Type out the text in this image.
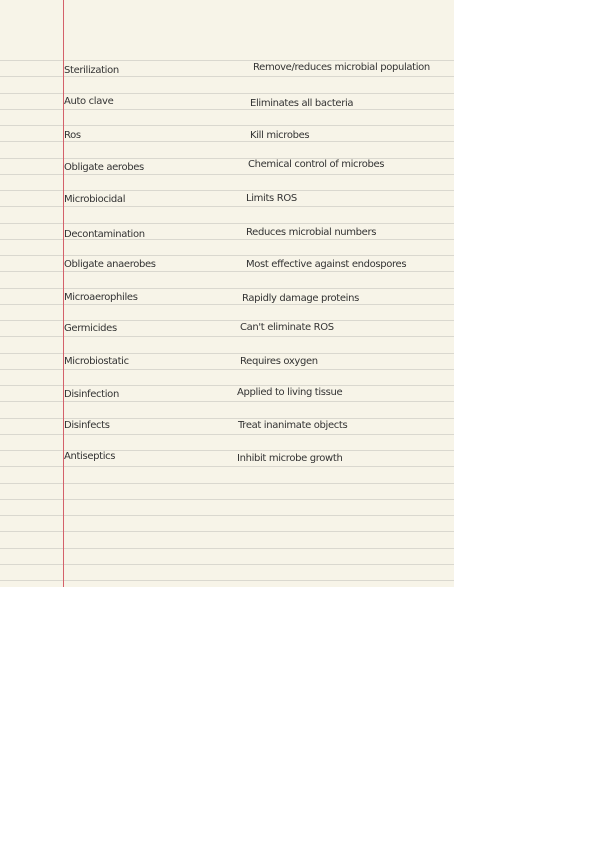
Sterilization
Auto clave
Ros
Obligate aerobes
Microbiocidal
Decontamination
Obligate anaerobes
Microaerophiles
Germicides
Microbiostatic
Disinfection
Disinfects
Antiseptics
Remove/reduces microbial population
Eliminates all bacteria
Kill microbes
Chemical control of microbes
Limits ROS
Reduces microbial numbers
Most effective against endospores
Rapidly damage proteins
Can't eliminate ROS
Requires oxygen
Applied to living tissue
Treat inanimate objects
Inhibit microbe growth
